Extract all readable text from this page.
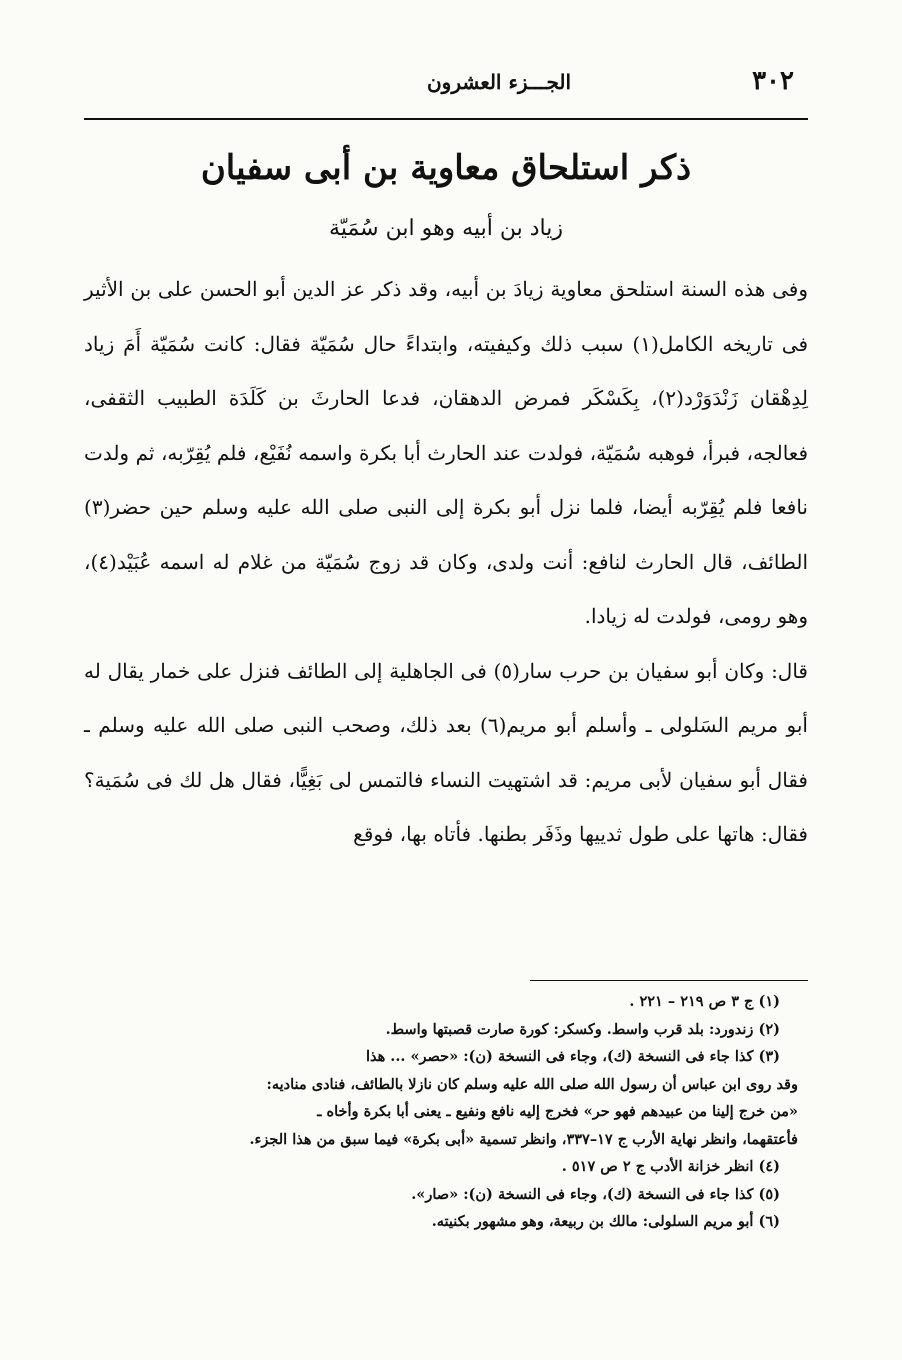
٣٠٢
الجـــزء العشرون
ذكر استلحاق معاوية بن أبى سفيان
زياد بن أبيه وهو ابن سُمَيّة

وفى هذه السنة استلحق معاوية زيادَ بن أبيه، وقد ذكر عز الدين أبو الحسن على بن الأثير فى تاريخه الكامل(١) سبب ذلك وكيفيته، وابتداءً حال سُمَيّة فقال: كانت سُمَيّة أَمَ زياد لِدِهْقان زَنْدَوَرْد(٢)، بِكَسْكَر فمرض الدهقان، فدعا الحارثَ بن كَلَدَة الطبيب الثقفى، فعالجه، فبرأ، فوهبه سُمَيّة، فولدت عند الحارث أبا بكرة واسمه نُفَيْع، فلم يُقِرّبه، ثم ولدت نافعا فلم يُقِرّبه أيضا، فلما نزل أبو بكرة إلى النبى صلى الله عليه وسلم حين حضر(٣) الطائف، قال الحارث لنافع: أنت ولدى، وكان قد زوج سُمَيّة من غلام له اسمه عُبَيْد(٤)، وهو رومى، فولدت له زيادا.

قال: وكان أبو سفيان بن حرب سار(٥) فى الجاهلية إلى الطائف فنزل على خمار يقال له أبو مريم السَلولى ـ وأسلم أبو مريم(٦) بعد ذلك، وصحب النبى صلى الله عليه وسلم ـ فقال أبو سفيان لأبى مريم: قد اشتهيت النساء فالتمس لى بَغِيًّا، فقال هل لك فى سُمَية؟ فقال: هاتها على طول ثدييها وذَفَر بطنها. فأتاه بها، فوقع

(١) ج ٣ ص ٢١٩ – ٢٢١ .

(٢) زندورد: بلد قرب واسط. وكسكر: كورة صارت قصبتها واسط.

(٣) كذا جاء فى النسخة (ك)، وجاء فى النسخة (ن): «حصر» ... هذا

وقد روى ابن عباس أن رسول الله صلى الله عليه وسلم كان نازلا بالطائف، فنادى مناديه:

«من خرج إلينا من عبيدهم فهو حر» فخرج إليه نافع ونفيع ـ يعنى أبا بكرة وأخاه ـ

فأعتقهما، وانظر نهاية الأرب ج ١٧–٣٣٧، وانظر تسمية «أبى بكرة» فيما سبق من هذا الجزء.

(٤) انظر خزانة الأدب ج ٢ ص ٥١٧ .

(٥) كذا جاء فى النسخة (ك)، وجاء فى النسخة (ن): «صار».

(٦) أبو مريم السلولى: مالك بن ربيعة، وهو مشهور بكنيته.
